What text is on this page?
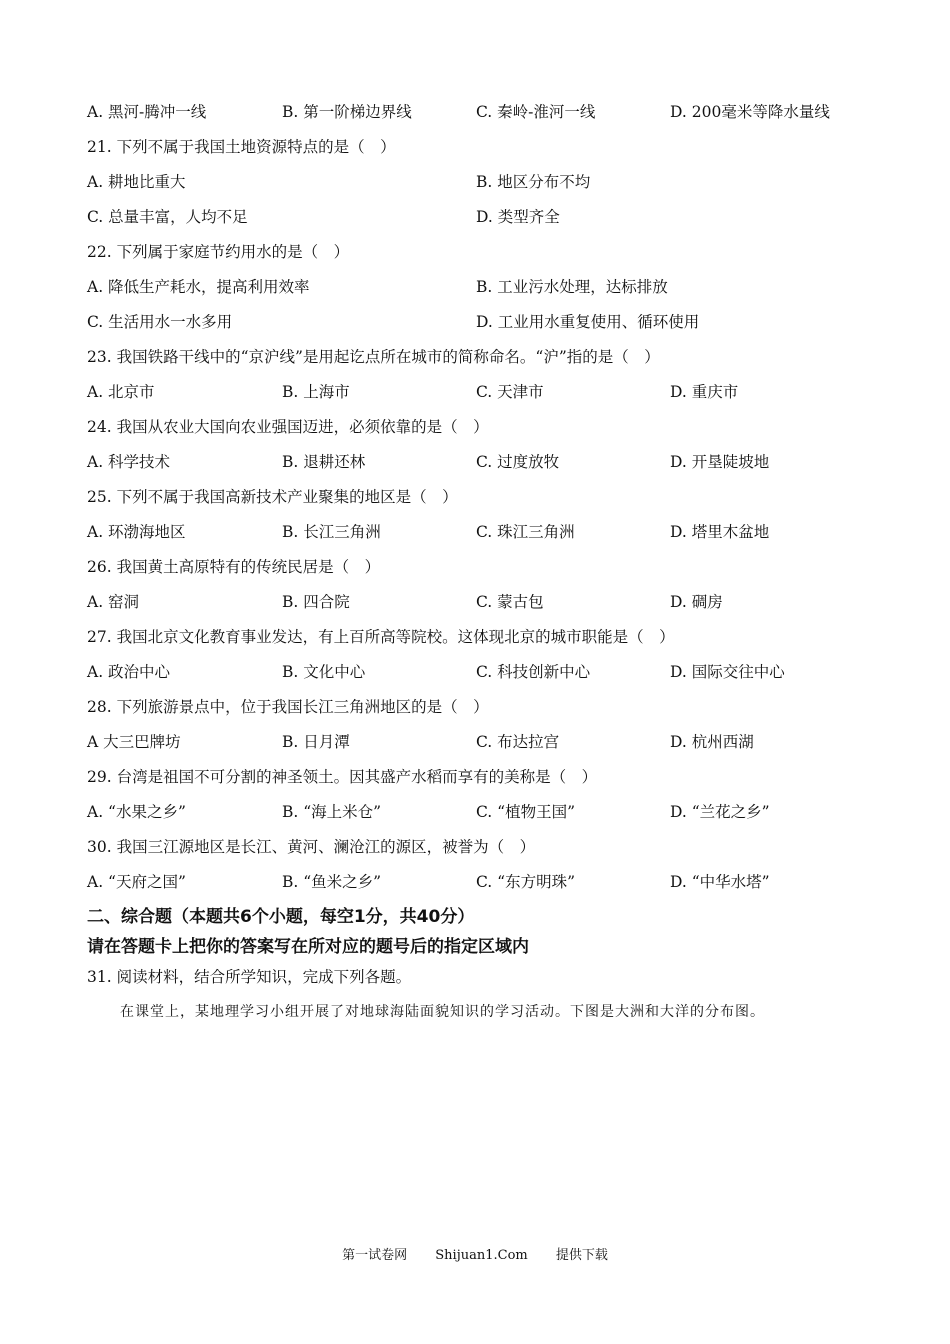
A. 黑河-腾冲一线	B. 第一阶梯边界线	C. 秦岭-淮河一线	D. 200毫米等降水量线
21. 下列不属于我国土地资源特点的是（　）
A. 耕地比重大	B. 地区分布不均
C. 总量丰富，人均不足	D. 类型齐全
22. 下列属于家庭节约用水的是（　）
A. 降低生产耗水，提高利用效率	B. 工业污水处理，达标排放
C. 生活用水一水多用	D. 工业用水重复使用、循环使用
23. 我国铁路干线中的“京沪线”是用起讫点所在城市的简称命名。“沪”指的是（　）
A. 北京市	B. 上海市	C. 天津市	D. 重庆市
24. 我国从农业大国向农业强国迈进，必须依靠的是（　）
A. 科学技术	B. 退耕还林	C. 过度放牧	D. 开垦陡坡地
25. 下列不属于我国高新技术产业聚集的地区是（　）
A. 环渤海地区	B. 长江三角洲	C. 珠江三角洲	D. 塔里木盆地
26. 我国黄土高原特有的传统民居是（　）
A. 窑洞	B. 四合院	C. 蒙古包	D. 碉房
27. 我国北京文化教育事业发达，有上百所高等院校。这体现北京的城市职能是（　）
A. 政治中心	B. 文化中心	C. 科技创新中心	D. 国际交往中心
28. 下列旅游景点中，位于我国长江三角洲地区的是（　）
A 大三巴牌坊	B. 日月潭	C. 布达拉宫	D. 杭州西湖
29. 台湾是祖国不可分割的神圣领土。因其盛产水稻而享有的美称是（　）
A. “水果之乡”	B. “海上米仓”	C. “植物王国”	D. “兰花之乡”
30. 我国三江源地区是长江、黄河、澜沧江的源区，被誉为（　）
A. “天府之国”	B. “鱼米之乡”	C. “东方明珠”	D. “中华水塔”
二、综合题（本题共6个小题，每空1分，共40分）
请在答题卡上把你的答案写在所对应的题号后的指定区域内
31. 阅读材料，结合所学知识，完成下列各题。
在课堂上，某地理学习小组开展了对地球海陆面貌知识的学习活动。下图是大洲和大洋的分布图。
第一试卷网 Shijuan1.Com 提供下载
